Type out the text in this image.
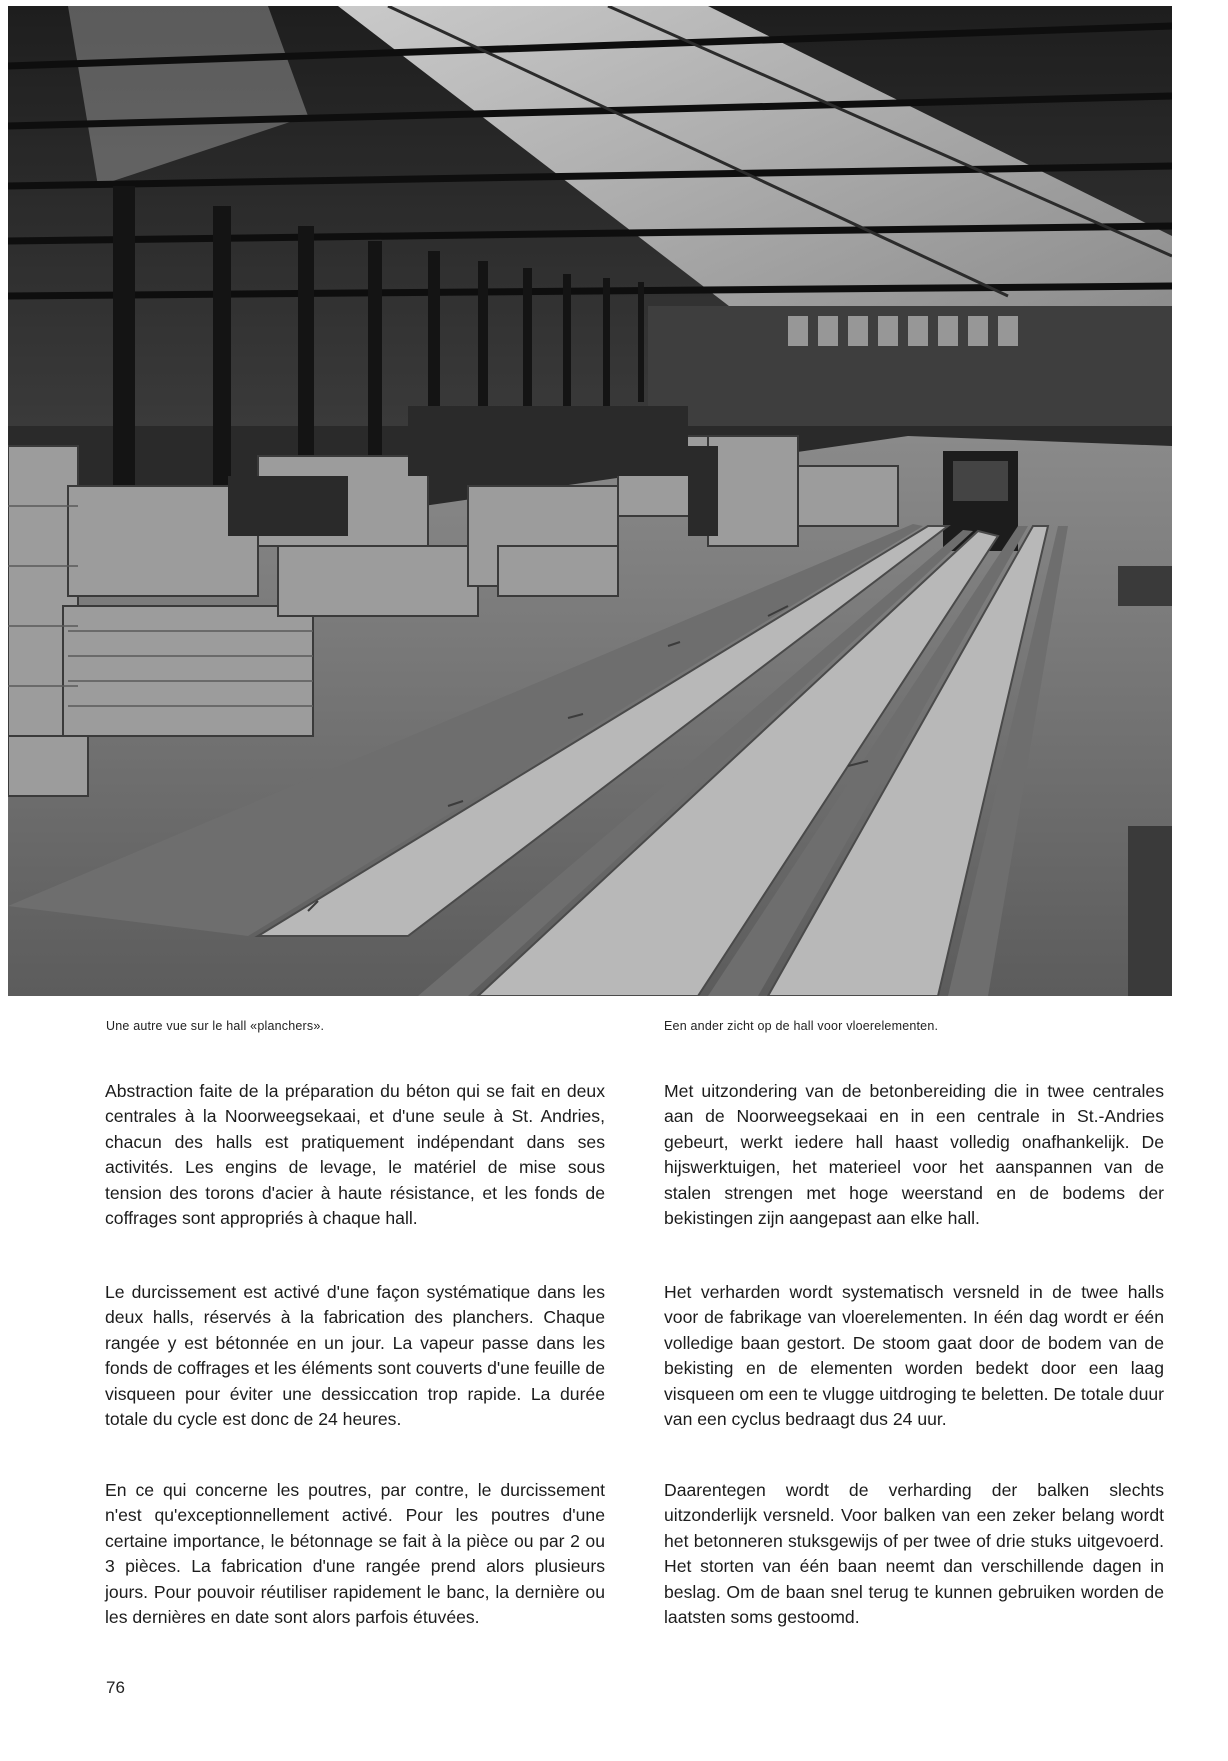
Une autre vue sur le hall «planchers».	Een ander zicht op de hall voor vloerelementen.

Abstraction faite de la préparation du béton qui se fait en deux centrales à la Noorweegsekaai, et d'une seule à St. Andries, chacun des halls est pratiquement indépendant dans ses activités. Les engins de levage, le matériel de mise sous tension des torons d'acier à haute résistance, et les fonds de coffrages sont appropriés à chaque hall.

Le durcissement est activé d'une façon systématique dans les deux halls, réservés à la fabrication des planchers. Chaque rangée y est bétonnée en un jour. La vapeur passe dans les fonds de coffrages et les éléments sont couverts d'une feuille de visqueen pour éviter une dessiccation trop rapide. La durée totale du cycle est donc de 24 heures.

En ce qui concerne les poutres, par contre, le durcissement n'est qu'exceptionnellement activé. Pour les poutres d'une certaine importance, le bétonnage se fait à la pièce ou par 2 ou 3 pièces. La fabrication d'une rangée prend alors plusieurs jours. Pour pouvoir réutiliser rapidement le banc, la dernière ou les dernières en date sont alors parfois étuvées.

Met uitzondering van de betonbereiding die in twee centrales aan de Noorweegsekaai en in een centrale in St.-Andries gebeurt, werkt iedere hall haast volledig onafhankelijk. De hijswerktuigen, het materieel voor het aanspannen van de stalen strengen met hoge weerstand en de bodems der bekistingen zijn aangepast aan elke hall.

Het verharden wordt systematisch versneld in de twee halls voor de fabrikage van vloerelementen. In één dag wordt er één volledige baan gestort. De stoom gaat door de bodem van de bekisting en de elementen worden bedekt door een laag visqueen om een te vlugge uitdroging te beletten. De totale duur van een cyclus bedraagt dus 24 uur.

Daarentegen wordt de verharding der balken slechts uitzonderlijk versneld. Voor balken van een zeker belang wordt het betonneren stuksgewijs of per twee of drie stuks uitgevoerd. Het storten van één baan neemt dan verschillende dagen in beslag. Om de baan snel terug te kunnen gebruiken worden de laatsten soms gestoomd.

76
